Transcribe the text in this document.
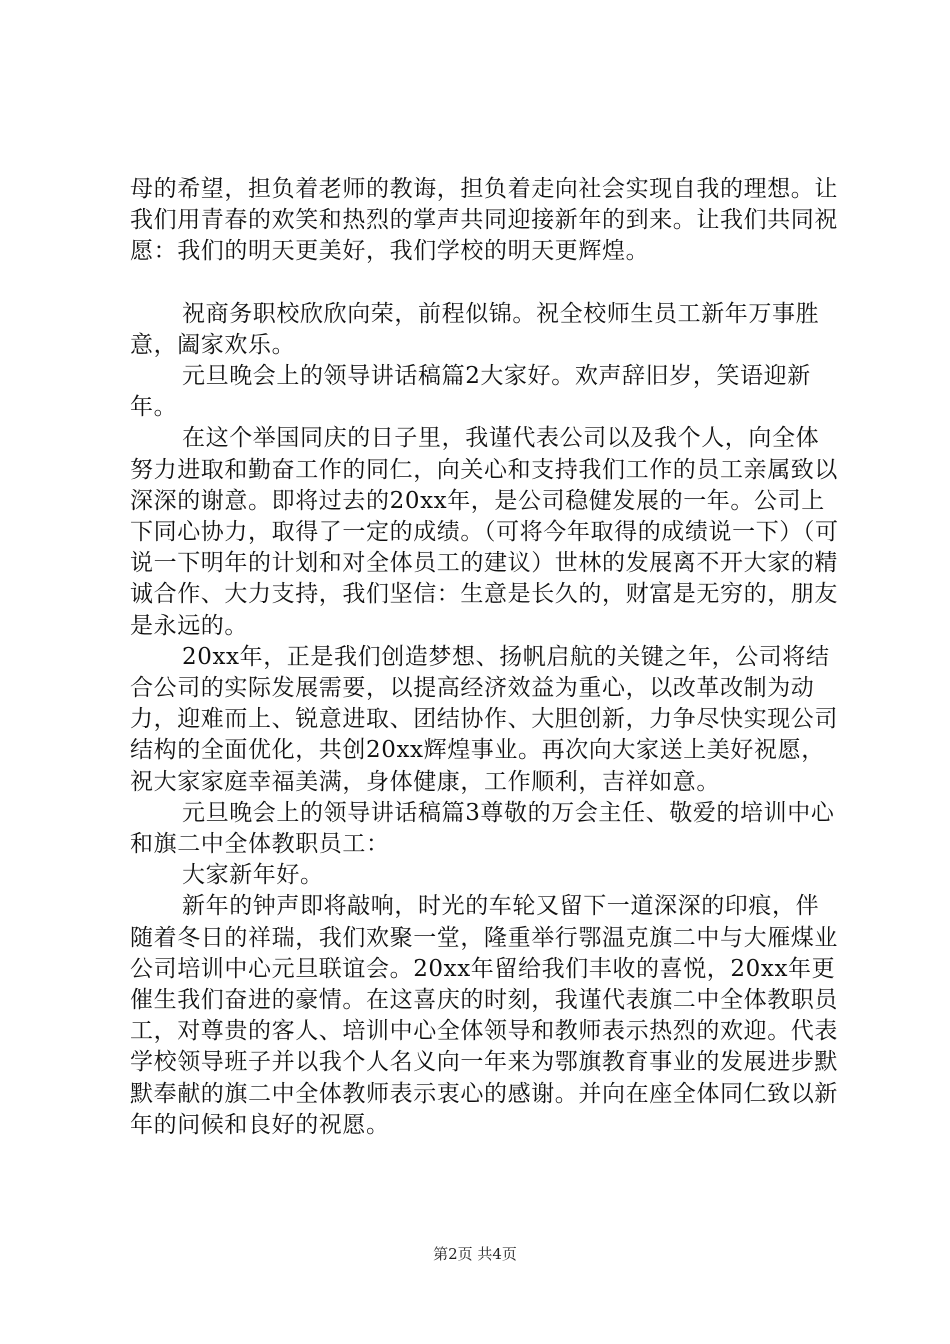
母的希望，担负着老师的教诲，担负着走向社会实现自我的理想。让我们用青春的欢笑和热烈的掌声共同迎接新年的到来。让我们共同祝愿：我们的明天更美好，我们学校的明天更辉煌。

祝商务职校欣欣向荣，前程似锦。祝全校师生员工新年万事胜意，阖家欢乐。

元旦晚会上的领导讲话稿篇2大家好。欢声辞旧岁，笑语迎新年。

在这个举国同庆的日子里，我谨代表公司以及我个人，向全体努力进取和勤奋工作的同仁，向关心和支持我们工作的员工亲属致以深深的谢意。即将过去的20xx年，是公司稳健发展的一年。公司上下同心协力，取得了一定的成绩。（可将今年取得的成绩说一下）（可说一下明年的计划和对全体员工的建议）世林的发展离不开大家的精诚合作、大力支持，我们坚信：生意是长久的，财富是无穷的，朋友是永远的。

20xx年，正是我们创造梦想、扬帆启航的关键之年，公司将结合公司的实际发展需要，以提高经济效益为重心，以改革改制为动力，迎难而上、锐意进取、团结协作、大胆创新，力争尽快实现公司结构的全面优化，共创20xx辉煌事业。再次向大家送上美好祝愿，祝大家家庭幸福美满，身体健康，工作顺利，吉祥如意。

元旦晚会上的领导讲话稿篇3尊敬的万会主任、敬爱的培训中心和旗二中全体教职员工：

大家新年好。

新年的钟声即将敲响，时光的车轮又留下一道深深的印痕，伴随着冬日的祥瑞，我们欢聚一堂，隆重举行鄂温克旗二中与大雁煤业公司培训中心元旦联谊会。20xx年留给我们丰收的喜悦，20xx年更催生我们奋进的豪情。在这喜庆的时刻，我谨代表旗二中全体教职员工，对尊贵的客人、培训中心全体领导和教师表示热烈的欢迎。代表学校领导班子并以我个人名义向一年来为鄂旗教育事业的发展进步默默奉献的旗二中全体教师表示衷心的感谢。并向在座全体同仁致以新年的问候和良好的祝愿。

第2页 共4页
